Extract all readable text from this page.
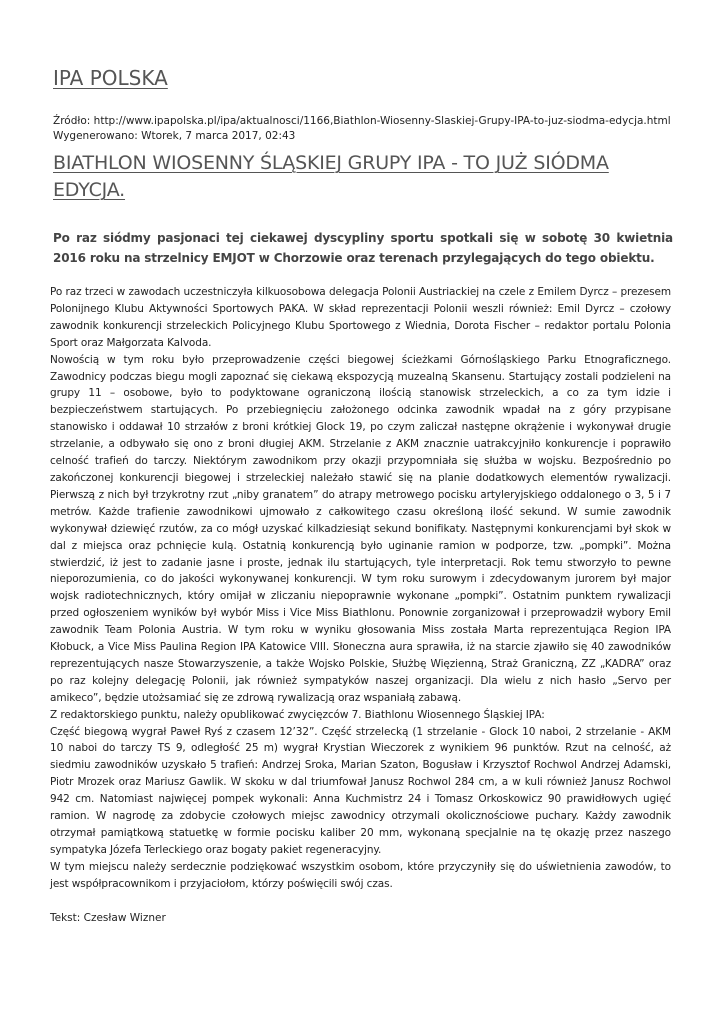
IPA POLSKA
Źródło: http://www.ipapolska.pl/ipa/aktualnosci/1166,Biathlon-Wiosenny-Slaskiej-Grupy-IPA-to-juz-siodma-edycja.html
Wygenerowano: Wtorek, 7 marca 2017, 02:43
BIATHLON WIOSENNY ŚLĄSKIEJ GRUPY IPA - TO JUŻ SIÓDMA EDYCJA.
Po raz siódmy pasjonaci tej ciekawej dyscypliny sportu spotkali się w sobotę 30 kwietnia 2016 roku na strzelnicy EMJOT w Chorzowie oraz terenach przylegających do tego obiektu.

Po raz trzeci w zawodach uczestniczyła kilkuosobowa delegacja Polonii Austriackiej na czele z Emilem Dyrcz – prezesem Polonijnego Klubu Aktywności Sportowych PAKA. W skład reprezentacji Polonii weszli również: Emil Dyrcz – czołowy zawodnik konkurencji strzeleckich Policyjnego Klubu Sportowego z Wiednia, Dorota Fischer – redaktor portalu Polonia Sport oraz Małgorzata Kalvoda.

Nowością w tym roku było przeprowadzenie części biegowej ścieżkami Górnośląskiego Parku Etnograficznego. Zawodnicy podczas biegu mogli zapoznać się ciekawą ekspozycją muzealną Skansenu. Startujący zostali podzieleni na grupy 11 – osobowe, było to podyktowane ograniczoną ilością stanowisk strzeleckich, a co za tym idzie i bezpieczeństwem startujących. Po przebiegnięciu założonego odcinka zawodnik wpadał na z góry przypisane stanowisko i oddawał 10 strzałów z broni krótkiej Glock 19, po czym zaliczał następne okrążenie i wykonywał drugie strzelanie, a odbywało się ono z broni długiej AKM. Strzelanie z AKM znacznie uatrakcyjniło konkurencje i poprawiło celność trafień do tarczy. Niektórym zawodnikom przy okazji przypomniała się służba w wojsku. Bezpośrednio po zakończonej konkurencji biegowej i strzeleckiej należało stawić się na planie dodatkowych elementów rywalizacji. Pierwszą z nich był trzykrotny rzut „niby granatem” do atrapy metrowego pocisku artyleryjskiego oddalonego o 3, 5 i 7 metrów. Każde trafienie zawodnikowi ujmowało z całkowitego czasu określoną ilość sekund. W sumie zawodnik wykonywał dziewięć rzutów, za co mógł uzyskać kilkadziesiąt sekund bonifikaty. Następnymi konkurencjami był skok w dal z miejsca oraz pchnięcie kulą. Ostatnią konkurencją było uginanie ramion w podporze, tzw. „pompki”. Można stwierdzić, iż jest to zadanie jasne i proste, jednak ilu startujących, tyle interpretacji. Rok temu stworzyło to pewne nieporozumienia, co do jakości wykonywanej konkurencji. W tym roku surowym i zdecydowanym jurorem był major wojsk radiotechnicznych, który omijał w zliczaniu niepoprawnie wykonane „pompki”. Ostatnim punktem rywalizacji przed ogłoszeniem wyników był wybór Miss i Vice Miss Biathlonu. Ponownie zorganizował i przeprowadził wybory Emil zawodnik Team Polonia Austria. W tym roku w wyniku głosowania Miss została Marta reprezentująca Region IPA Kłobuck, a Vice Miss Paulina Region IPA Katowice VIII. Słoneczna aura sprawiła, iż na starcie zjawiło się 40 zawodników reprezentujących nasze Stowarzyszenie, a także Wojsko Polskie, Służbę Więzienną, Straż Graniczną, ZZ „KADRA” oraz po raz kolejny delegację Polonii, jak również sympatyków naszej organizacji. Dla wielu z nich hasło „Servo per amikeco”, będzie utożsamiać się ze zdrową rywalizacją oraz wspaniałą zabawą.

Z redaktorskiego punktu, należy opublikować zwycięzców 7. Biathlonu Wiosennego Śląskiej IPA:

Część biegową wygrał Paweł Ryś z czasem 12’32”. Część strzelecką (1 strzelanie - Glock 10 naboi, 2 strzelanie - AKM 10 naboi do tarczy TS 9, odległość 25 m) wygrał Krystian Wieczorek z wynikiem 96 punktów. Rzut na celność, aż siedmiu zawodników uzyskało 5 trafień: Andrzej Sroka, Marian Szaton, Bogusław i Krzysztof Rochwol Andrzej Adamski, Piotr Mrozek oraz Mariusz Gawlik. W skoku w dal triumfował Janusz Rochwol 284 cm, a w kuli również Janusz Rochwol 942 cm. Natomiast najwięcej pompek wykonali: Anna Kuchmistrz 24 i Tomasz Orkoskowicz 90 prawidłowych ugięć ramion. W nagrodę za zdobycie czołowych miejsc zawodnicy otrzymali okolicznościowe puchary. Każdy zawodnik otrzymał pamiątkową statuetkę w formie pocisku kaliber 20 mm, wykonaną specjalnie na tę okazję przez naszego sympatyka Józefa Terleckiego oraz bogaty pakiet regeneracyjny.

W tym miejscu należy serdecznie podziękować wszystkim osobom, które przyczyniły się do uświetnienia zawodów, to jest współpracownikom i przyjaciołom, którzy poświęcili swój czas.

Tekst: Czesław Wizner
